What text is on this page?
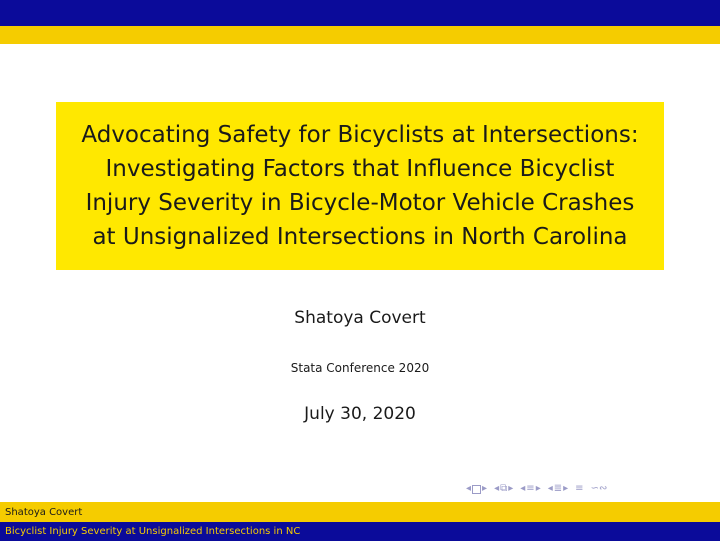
Advocating Safety for Bicyclists at Intersections:
Investigating Factors that Influence Bicyclist
Injury Severity in Bicycle-Motor Vehicle Crashes
at Unsignalized Intersections in North Carolina
Shatoya Covert
Stata Conference 2020
July 30, 2020
◂ ▸ ◂ ⧉ ▸ ◂ ≡ ▸ ◂ ≣ ▸ ≡ ∽∾
Shatoya Covert
Bicyclist Injury Severity at Unsignalized Intersections in NC
